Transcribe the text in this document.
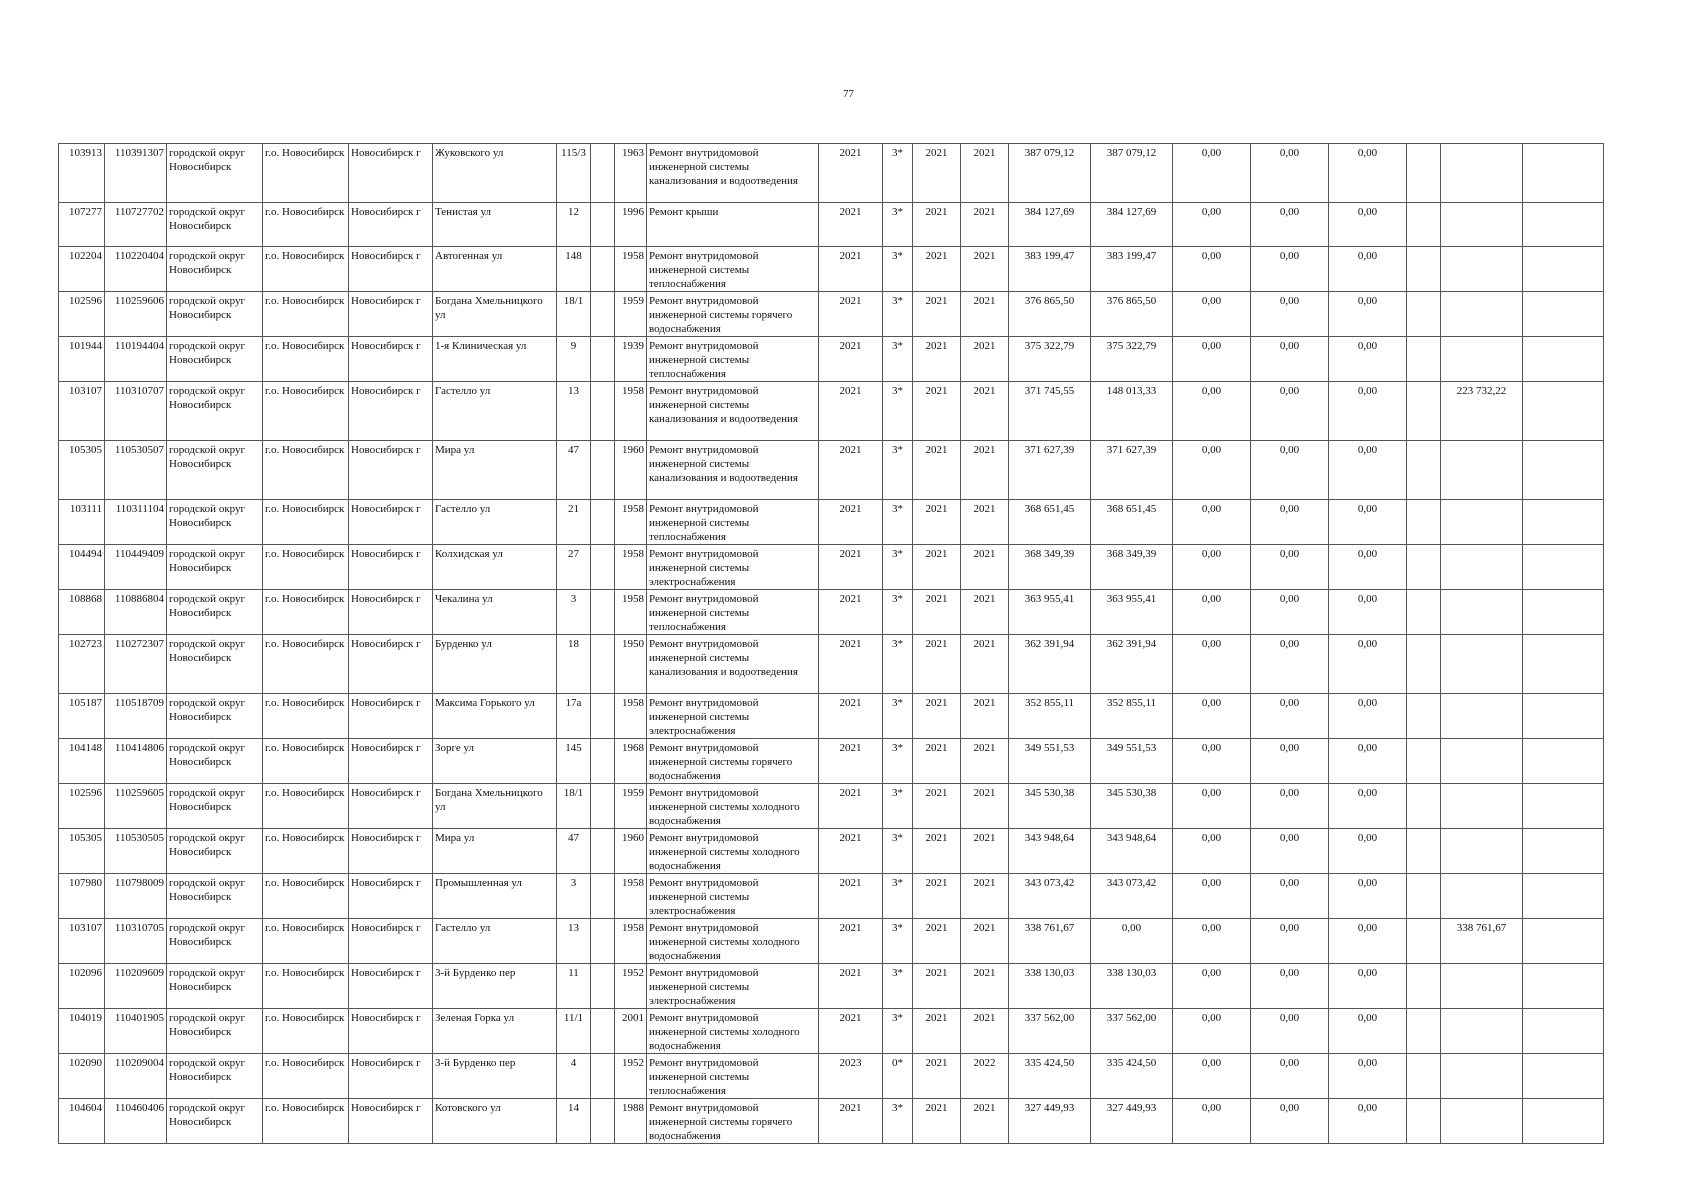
77
103913	110391307	городской округ Новосибирск	г.о. Новосибирск	Новосибирск г	Жуковского ул	115/3		1963	Ремонт внутридомовой инженерной системы канализования и водоотведения	2021	3*	2021	2021	387 079,12	387 079,12	0,00	0,00	0,00			
107277	110727702	городской округ Новосибирск	г.о. Новосибирск	Новосибирск г	Тенистая ул	12		1996	Ремонт крыши	2021	3*	2021	2021	384 127,69	384 127,69	0,00	0,00	0,00			
102204	110220404	городской округ Новосибирск	г.о. Новосибирск	Новосибирск г	Автогенная ул	148		1958	Ремонт внутридомовой инженерной системы теплоснабжения	2021	3*	2021	2021	383 199,47	383 199,47	0,00	0,00	0,00			
102596	110259606	городской округ Новосибирск	г.о. Новосибирск	Новосибирск г	Богдана Хмельницкого ул	18/1		1959	Ремонт внутридомовой инженерной системы горячего водоснабжения	2021	3*	2021	2021	376 865,50	376 865,50	0,00	0,00	0,00			
101944	110194404	городской округ Новосибирск	г.о. Новосибирск	Новосибирск г	1-я Клиническая ул	9		1939	Ремонт внутридомовой инженерной системы теплоснабжения	2021	3*	2021	2021	375 322,79	375 322,79	0,00	0,00	0,00			
103107	110310707	городской округ Новосибирск	г.о. Новосибирск	Новосибирск г	Гастелло ул	13		1958	Ремонт внутридомовой инженерной системы канализования и водоотведения	2021	3*	2021	2021	371 745,55	148 013,33	0,00	0,00	0,00		223 732,22	
105305	110530507	городской округ Новосибирск	г.о. Новосибирск	Новосибирск г	Мира ул	47		1960	Ремонт внутридомовой инженерной системы канализования и водоотведения	2021	3*	2021	2021	371 627,39	371 627,39	0,00	0,00	0,00			
103111	110311104	городской округ Новосибирск	г.о. Новосибирск	Новосибирск г	Гастелло ул	21		1958	Ремонт внутридомовой инженерной системы теплоснабжения	2021	3*	2021	2021	368 651,45	368 651,45	0,00	0,00	0,00			
104494	110449409	городской округ Новосибирск	г.о. Новосибирск	Новосибирск г	Колхидская ул	27		1958	Ремонт внутридомовой инженерной системы электроснабжения	2021	3*	2021	2021	368 349,39	368 349,39	0,00	0,00	0,00			
108868	110886804	городской округ Новосибирск	г.о. Новосибирск	Новосибирск г	Чекалина ул	3		1958	Ремонт внутридомовой инженерной системы теплоснабжения	2021	3*	2021	2021	363 955,41	363 955,41	0,00	0,00	0,00			
102723	110272307	городской округ Новосибирск	г.о. Новосибирск	Новосибирск г	Бурденко ул	18		1950	Ремонт внутридомовой инженерной системы канализования и водоотведения	2021	3*	2021	2021	362 391,94	362 391,94	0,00	0,00	0,00			
105187	110518709	городской округ Новосибирск	г.о. Новосибирск	Новосибирск г	Максима Горького ул	17а		1958	Ремонт внутридомовой инженерной системы электроснабжения	2021	3*	2021	2021	352 855,11	352 855,11	0,00	0,00	0,00			
104148	110414806	городской округ Новосибирск	г.о. Новосибирск	Новосибирск г	Зорге ул	145		1968	Ремонт внутридомовой инженерной системы горячего водоснабжения	2021	3*	2021	2021	349 551,53	349 551,53	0,00	0,00	0,00			
102596	110259605	городской округ Новосибирск	г.о. Новосибирск	Новосибирск г	Богдана Хмельницкого ул	18/1		1959	Ремонт внутридомовой инженерной системы холодного водоснабжения	2021	3*	2021	2021	345 530,38	345 530,38	0,00	0,00	0,00			
105305	110530505	городской округ Новосибирск	г.о. Новосибирск	Новосибирск г	Мира ул	47		1960	Ремонт внутридомовой инженерной системы холодного водоснабжения	2021	3*	2021	2021	343 948,64	343 948,64	0,00	0,00	0,00			
107980	110798009	городской округ Новосибирск	г.о. Новосибирск	Новосибирск г	Промышленная ул	3		1958	Ремонт внутридомовой инженерной системы электроснабжения	2021	3*	2021	2021	343 073,42	343 073,42	0,00	0,00	0,00			
103107	110310705	городской округ Новосибирск	г.о. Новосибирск	Новосибирск г	Гастелло ул	13		1958	Ремонт внутридомовой инженерной системы холодного водоснабжения	2021	3*	2021	2021	338 761,67	0,00	0,00	0,00	0,00		338 761,67	
102096	110209609	городской округ Новосибирск	г.о. Новосибирск	Новосибирск г	3-й Бурденко пер	11		1952	Ремонт внутридомовой инженерной системы электроснабжения	2021	3*	2021	2021	338 130,03	338 130,03	0,00	0,00	0,00			
104019	110401905	городской округ Новосибирск	г.о. Новосибирск	Новосибирск г	Зеленая Горка ул	11/1		2001	Ремонт внутридомовой инженерной системы холодного водоснабжения	2021	3*	2021	2021	337 562,00	337 562,00	0,00	0,00	0,00			
102090	110209004	городской округ Новосибирск	г.о. Новосибирск	Новосибирск г	3-й Бурденко пер	4		1952	Ремонт внутридомовой инженерной системы теплоснабжения	2023	0*	2021	2022	335 424,50	335 424,50	0,00	0,00	0,00			
104604	110460406	городской округ Новосибирск	г.о. Новосибирск	Новосибирск г	Котовского ул	14		1988	Ремонт внутридомовой инженерной системы горячего водоснабжения	2021	3*	2021	2021	327 449,93	327 449,93	0,00	0,00	0,00			
